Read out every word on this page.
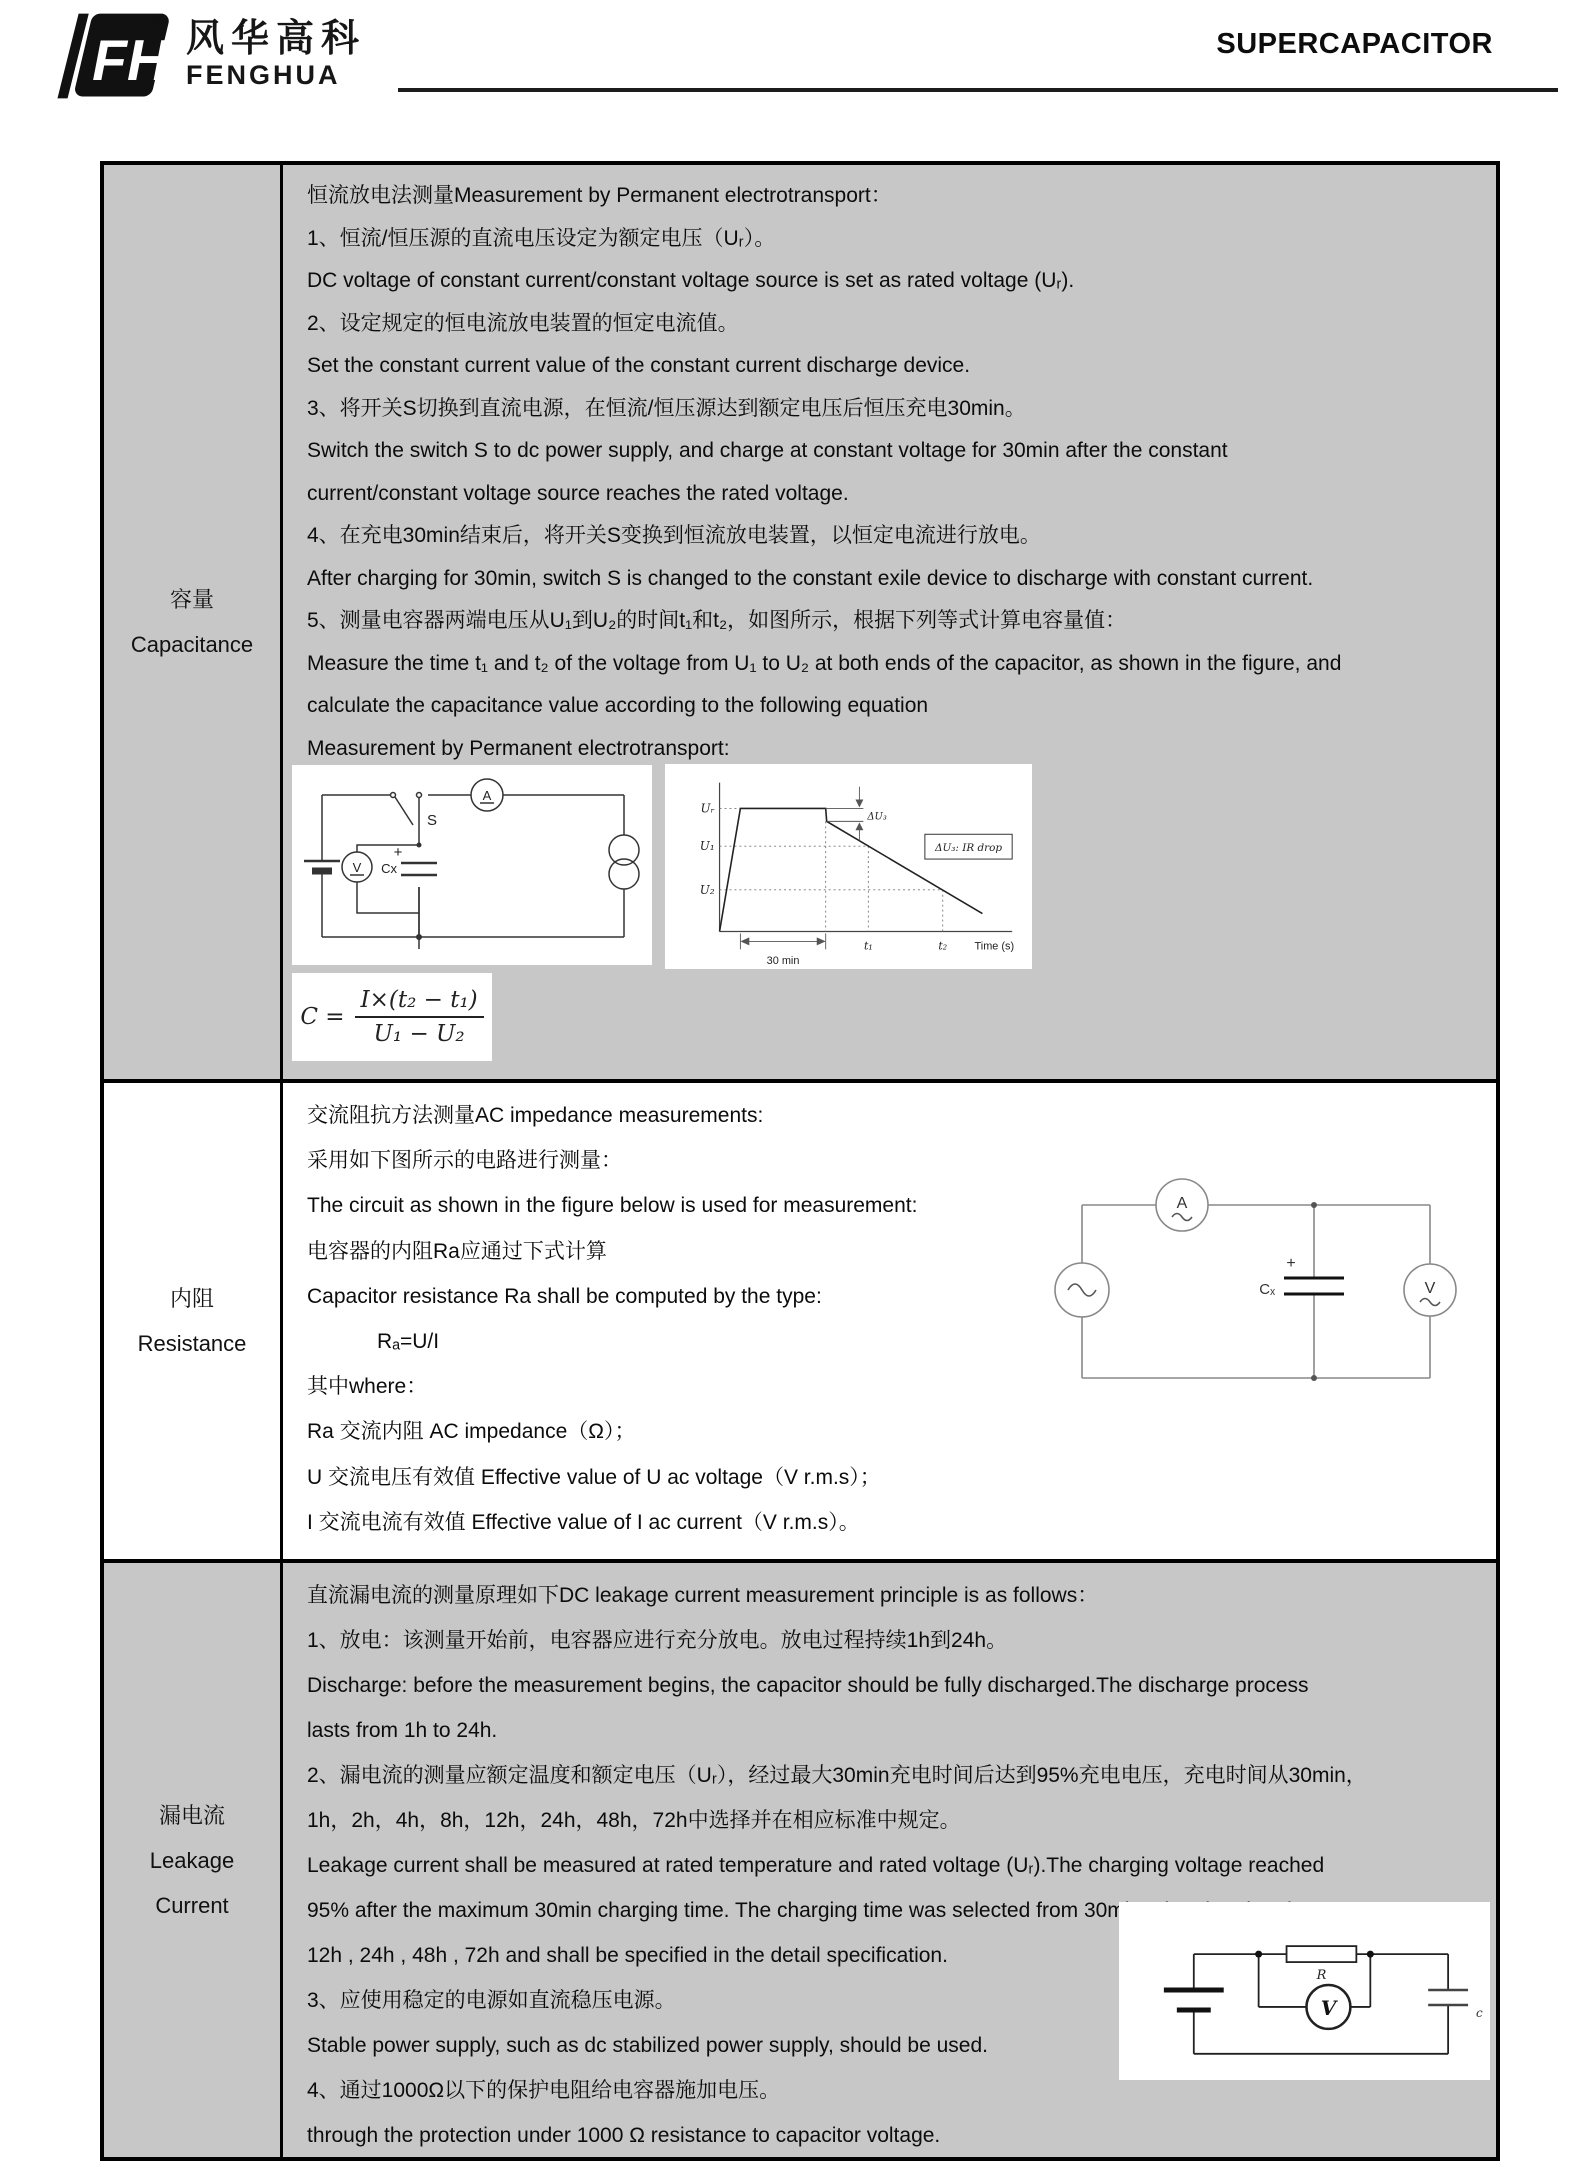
FH
® 风华高科
FENGHUA
SUPERCAPACITOR
容量
Capacitance

恒流放电法测量Measurement by Permanent electrotransport：

1、恒流/恒压源的直流电压设定为额定电压（Uᵣ）。

DC voltage of constant current/constant voltage source is set as rated voltage (Uᵣ).

2、设定规定的恒电流放电装置的恒定电流值。

Set the constant current value of the constant current discharge device.

3、将开关S切换到直流电源，在恒流/恒压源达到额定电压后恒压充电30min。

Switch the switch S to dc power supply, and charge at constant voltage for 30min after the constant

current/constant voltage source reaches the rated voltage.

4、在充电30min结束后，将开关S变换到恒流放电装置，以恒定电流进行放电。

After charging for 30min, switch S is changed to the constant exile device to discharge with constant current.

5、测量电容器两端电压从U₁到U₂的时间t₁和t₂，如图所示，根据下列等式计算电容量值：

Measure the time t₁ and t₂ of the voltage from U₁ to U₂ at both ends of the capacitor, as shown in the figure, and

calculate the capacitance value according to the following equation

Measurement by Permanent electrotransport:

S
A
V Cx
+
Uᵣ
U₁
U₂
ΔU₃
ΔU₃: IR drop
t₁	t₂ Time (s)
30 min
$C = \frac{\text{I×(t₂ − t₁)}}{\text{U₁ − U₂}}$
内阻
Resistance

交流阻抗方法测量AC impedance measurements:

采用如下图所示的电路进行测量：

The circuit as shown in the figure below is used for measurement:

电容器的内阻Ra应通过下式计算

Capacitor resistance Ra shall be computed by the type:

Rₐ=U/I

其中where：

Ra 交流内阻 AC impedance（Ω）；

U 交流电压有效值 Effective value of U ac voltage（V r.m.s）；

I 交流电流有效值 Effective value of I ac current（V r.m.s）。

A
V
Cₓ
+
漏电流
Leakage
Current

直流漏电流的测量原理如下DC leakage current measurement principle is as follows：

1、放电：该测量开始前，电容器应进行充分放电。放电过程持续1h到24h。

Discharge: before the measurement begins, the capacitor should be fully discharged.The discharge process

lasts from 1h to 24h.

2、漏电流的测量应额定温度和额定电压（Uᵣ），经过最大30min充电时间后达到95%充电电压，充电时间从30min，

1h，2h，4h，8h，12h，24h，48h，72h中选择并在相应标准中规定。

Leakage current shall be measured at rated temperature and rated voltage (Uᵣ).The charging voltage reached

95% after the maximum 30min charging time. The charging time was selected from 30min ,1h , 2h , 4h , 8h ,

12h , 24h , 48h , 72h and shall be specified in the detail specification.

3、应使用稳定的电源如直流稳压电源。

Stable power supply, such as dc stabilized power supply, should be used.

4、通过1000Ω以下的保护电阻给电容器施加电压。

through the protection under 1000 Ω resistance to capacitor voltage.

R
V	c
